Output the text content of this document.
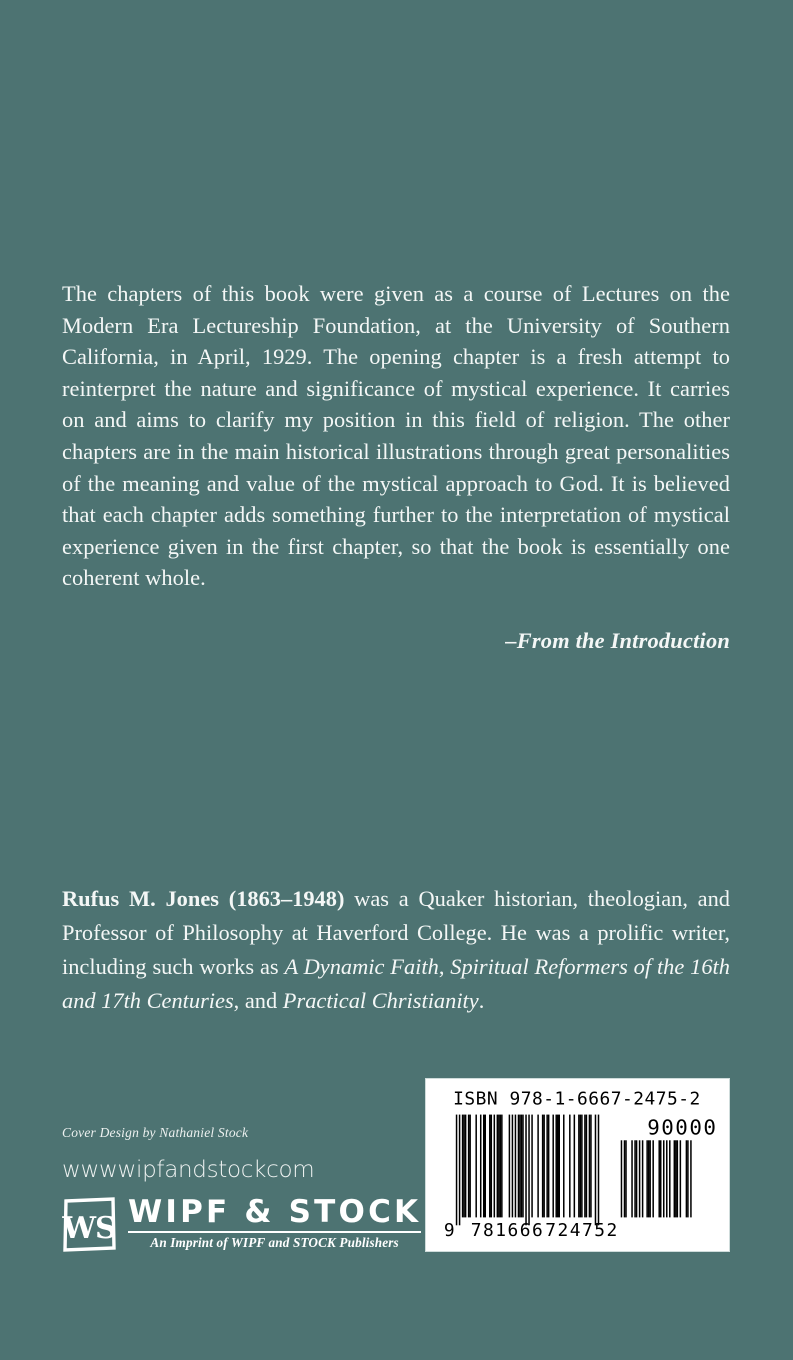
The chapters of this book were given as a course of Lectures on the Modern Era Lectureship Foundation, at the University of Southern California, in April, 1929. The opening chapter is a fresh attempt to reinterpret the nature and significance of mystical experience. It carries on and aims to clarify my position in this field of religion. The other chapters are in the main historical illustrations through great personalities of the meaning and value of the mystical approach to God. It is believed that each chapter adds something further to the interpretation of mystical experience given in the first chapter, so that the book is essentially one coherent whole.

–From the Introduction

Rufus M. Jones (1863–1948) was a Quaker historian, theologian, and Professor of Philosophy at Haverford College. He was a prolific writer, including such works as A Dynamic Faith, Spiritual Reformers of the 16th and 17th Centuries, and Practical Christianity.

Cover Design by Nathaniel Stock
wwwwipfandstockcom
WS WIPF & STOCK
An Imprint of WIPF and STOCK Publishers
ISBN 978-1-6667-2475-2
90000
9 781666 724752
